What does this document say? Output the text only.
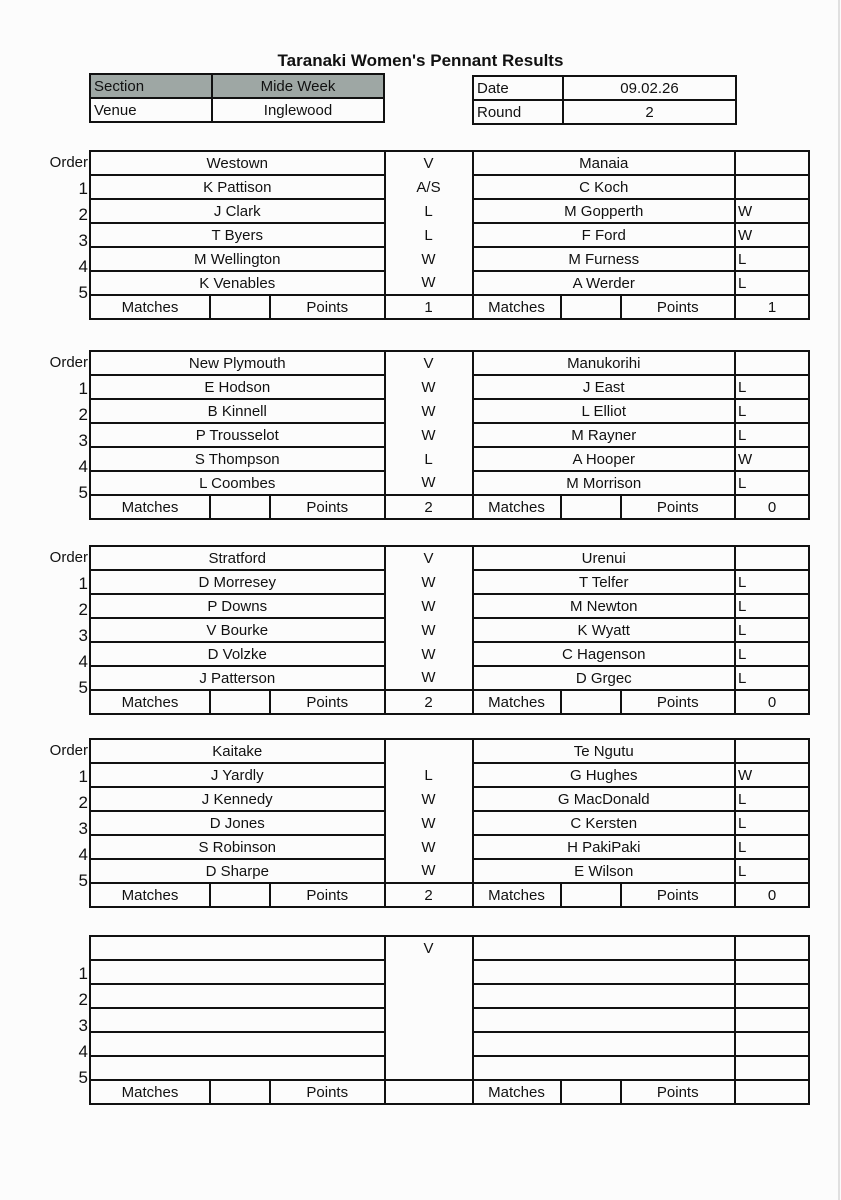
Taranaki Women's Pennant Results
Section	Mide Week
Venue	Inglewood
Date	09.02.26
Round	2
Order
1
2
3
4
5
Westown			V	Manaia			
K Pattison			A/S	C Koch			
J Clark			L	M Gopperth			W
T Byers			L	F Ford			W
M Wellington			W	M Furness			L
K Venables			W	A Werder			L
Matches		Points	1	Matches		Points	1
Order
1
2
3
4
5
New Plymouth			V	Manukorihi			
E Hodson			W	J East			L
B Kinnell			W	L Elliot			L
P Trousselot			W	M Rayner			L
S Thompson			L	A Hooper			W
L Coombes			W	M Morrison			L
Matches		Points	2	Matches		Points	0
Order
1
2
3
4
5
Stratford			V	Urenui			
D Morresey			W	T Telfer			L
P Downs			W	M Newton			L
V Bourke			W	K Wyatt			L
D Volzke			W	C Hagenson			L
J Patterson			W	D Grgec			L
Matches		Points	2	Matches		Points	0
Order
1
2
3
4
5
Kaitake				Te Ngutu			
J Yardly			L	G Hughes			W
J Kennedy			W	G MacDonald			L
D Jones			W	C Kersten			L
S Robinson			W	H PakiPaki			L
D Sharpe			W	E Wilson			L
Matches		Points	2	Matches		Points	0
1
2
3
4
5
			V				

Matches		Points		Matches		Points	
